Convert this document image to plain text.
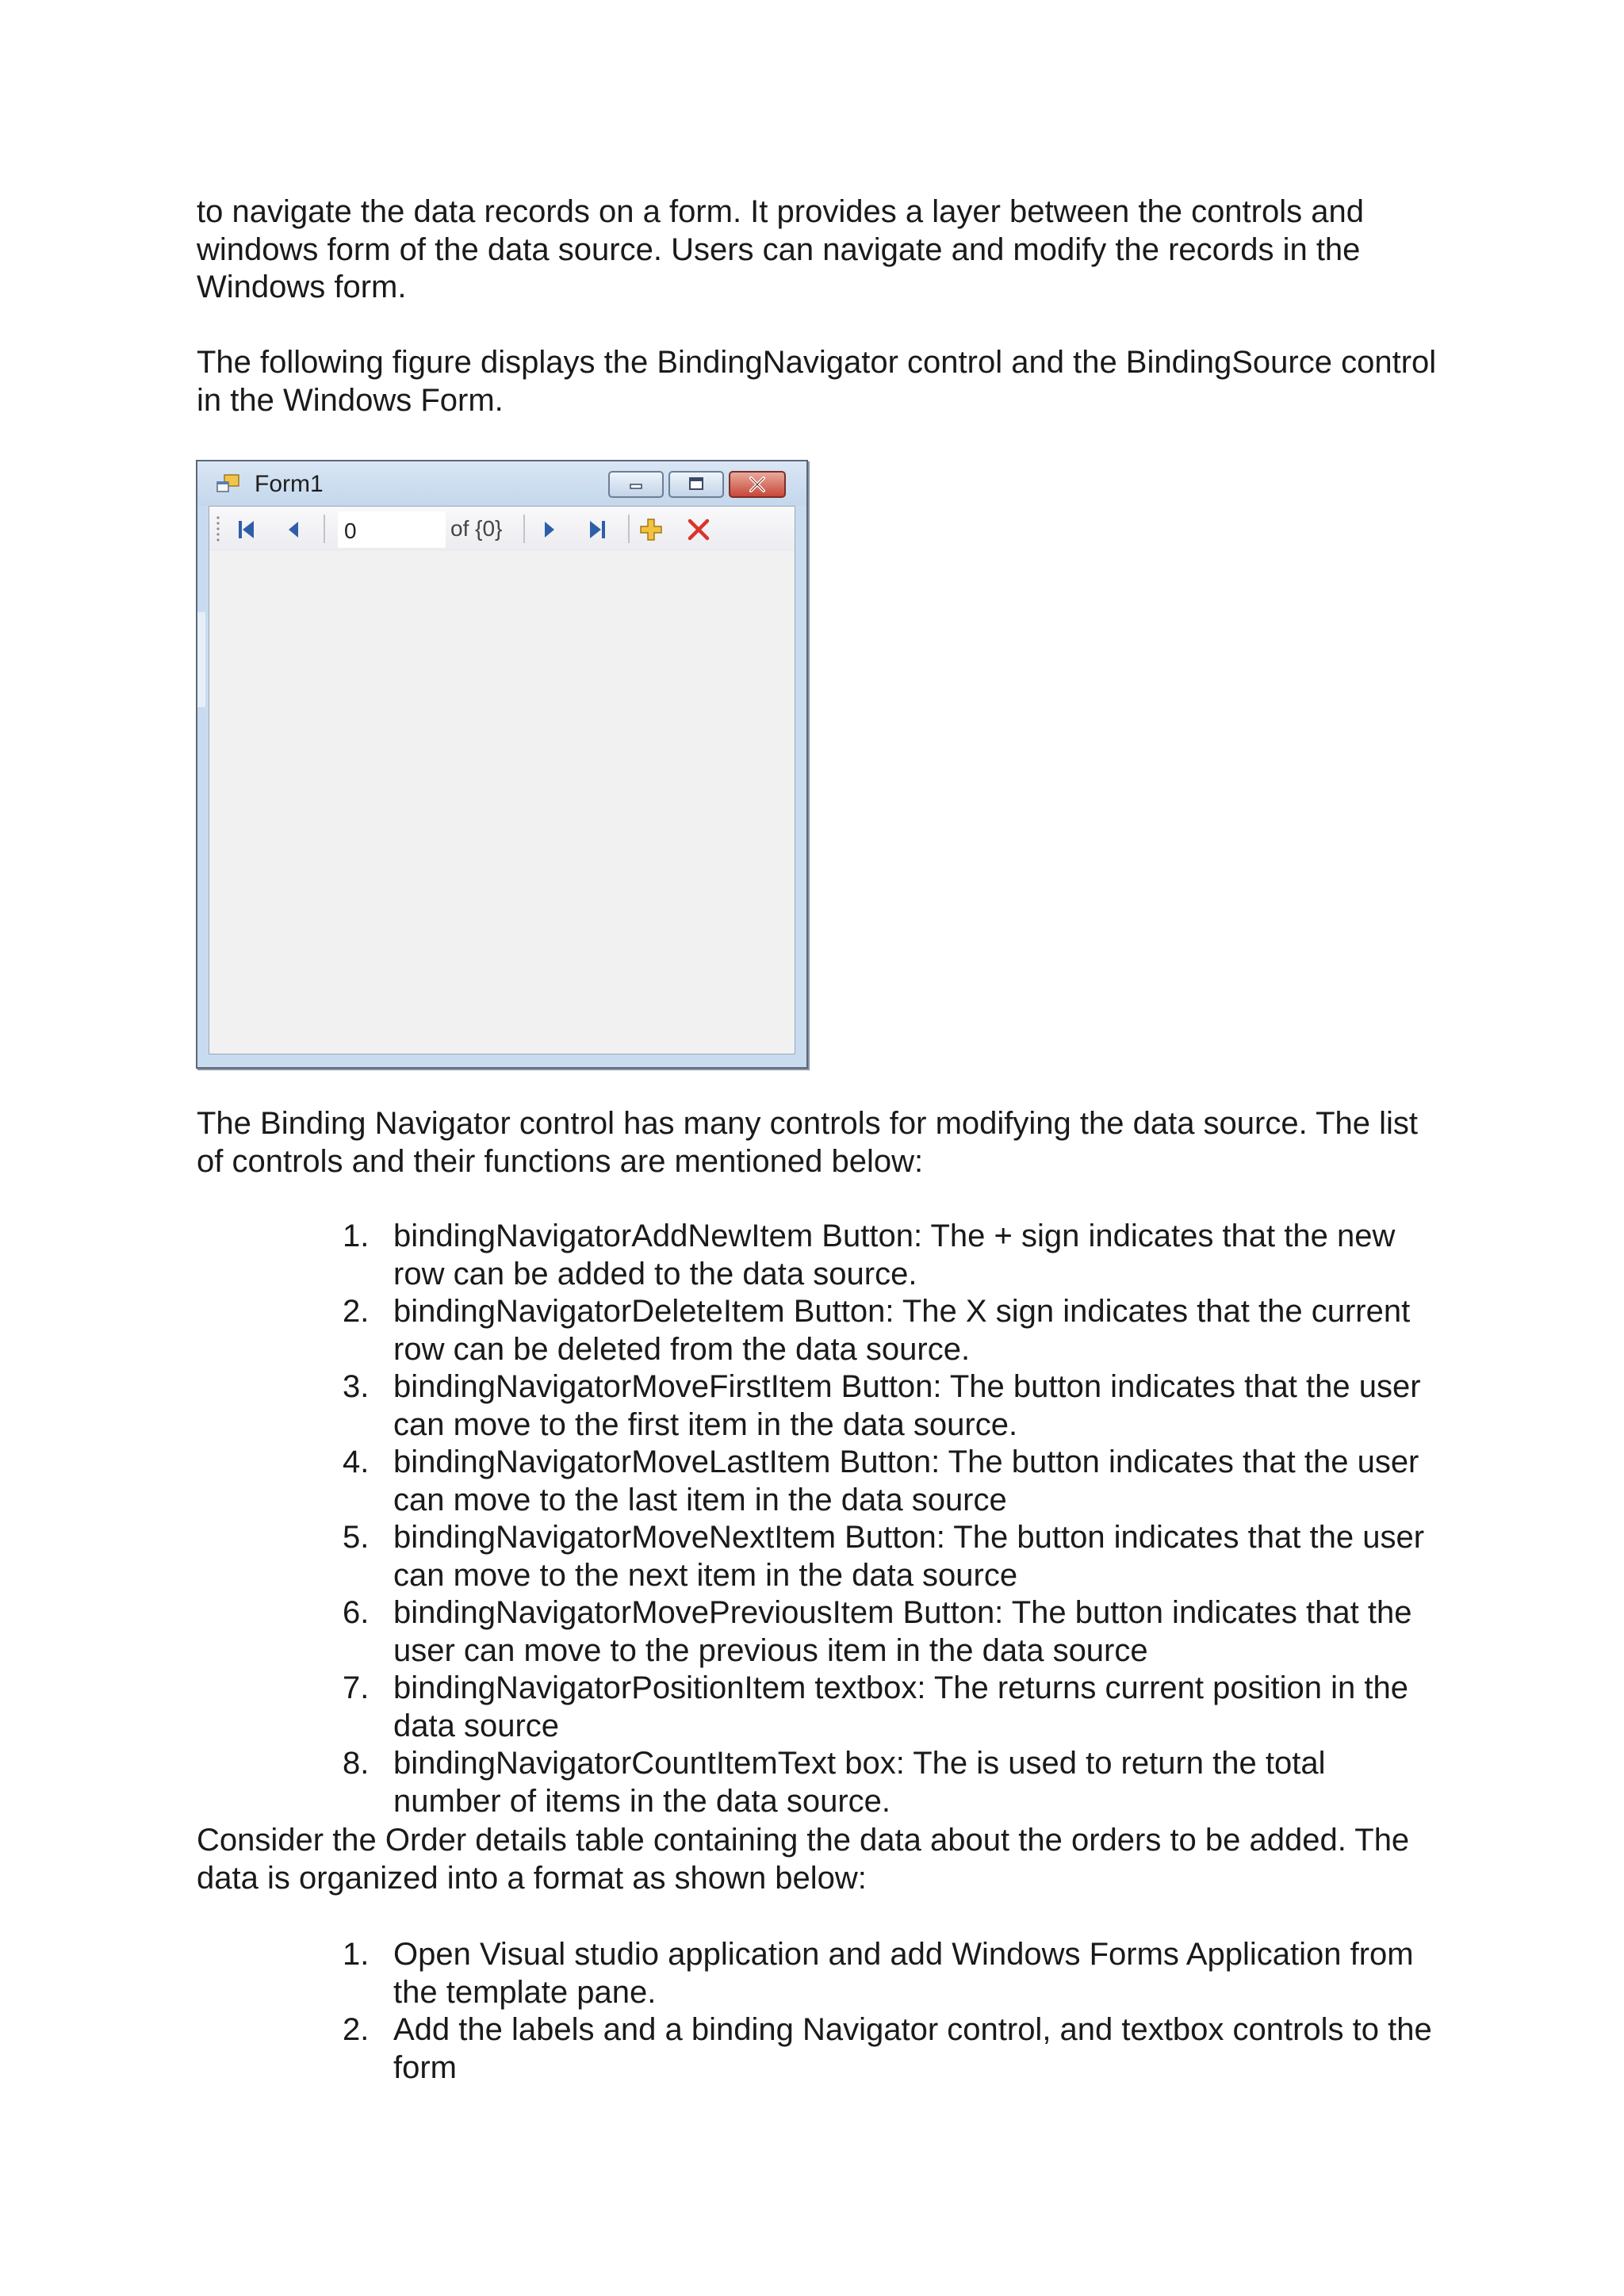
to navigate the data records on a form. It provides a layer between the controls and windows form of the data source. Users can navigate and modify the records in the Windows form.

The following figure displays the BindingNavigator control and the BindingSource control in the Windows Form.

Form1
0
of {0}

The Binding Navigator control has many controls for modifying the data source. The list of controls and their functions are mentioned below:

1. bindingNavigatorAddNewItem Button: The + sign indicates that the new row can be added to the data source.
2. bindingNavigatorDeleteItem Button: The X sign indicates that the current row can be deleted from the data source.
3. bindingNavigatorMoveFirstItem Button: The button indicates that the user can move to the first item in the data source.
4. bindingNavigatorMoveLastItem Button: The button indicates that the user can move to the last item in the data source
5. bindingNavigatorMoveNextItem Button: The button indicates that the user can move to the next item in the data source
6. bindingNavigatorMovePreviousItem Button: The button indicates that the user can move to the previous item in the data source
7. bindingNavigatorPositionItem textbox: The returns current position in the data source
8. bindingNavigatorCountItemText box: The is used to return the total number of items in the data source.

Consider the Order details table containing the data about the orders to be added. The data is organized into a format as shown below:

1. Open Visual studio application and add Windows Forms Application from the template pane.
2. Add the labels and a binding Navigator control, and textbox controls to the form
